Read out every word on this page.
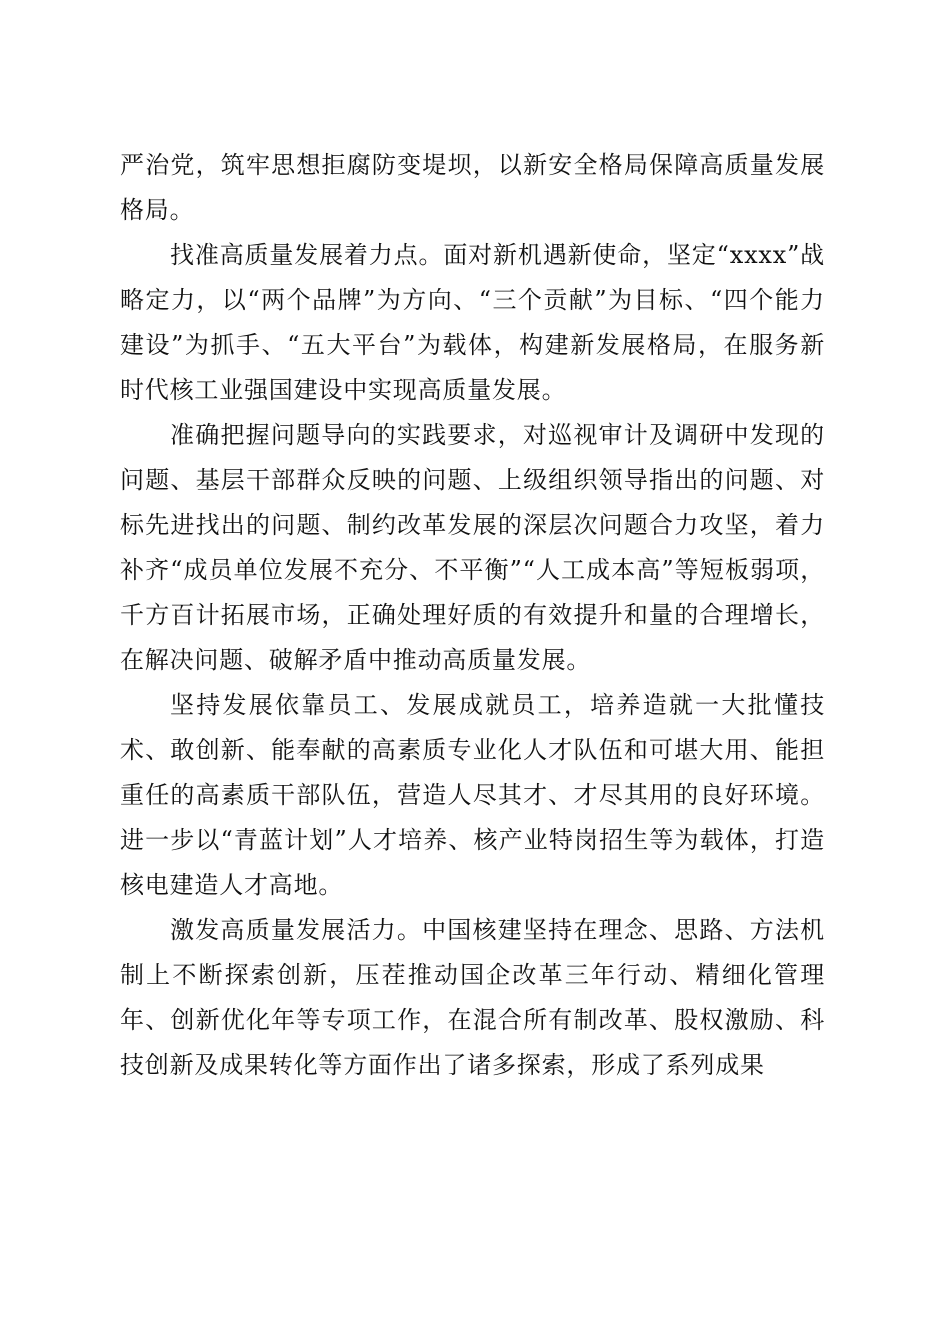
严治党，筑牢思想拒腐防变堤坝，以新安全格局保障高质量发展格局。

找准高质量发展着力点。面对新机遇新使命，坚定“xxxx”战略定力，以“两个品牌”为方向、“三个贡献”为目标、“四个能力建设”为抓手、“五大平台”为载体，构建新发展格局，在服务新时代核工业强国建设中实现高质量发展。

准确把握问题导向的实践要求，对巡视审计及调研中发现的问题、基层干部群众反映的问题、上级组织领导指出的问题、对标先进找出的问题、制约改革发展的深层次问题合力攻坚，着力补齐“成员单位发展不充分、不平衡”“人工成本高”等短板弱项，千方百计拓展市场，正确处理好质的有效提升和量的合理增长，在解决问题、破解矛盾中推动高质量发展。

坚持发展依靠员工、发展成就员工，培养造就一大批懂技术、敢创新、能奉献的高素质专业化人才队伍和可堪大用、能担重任的高素质干部队伍，营造人尽其才、才尽其用的良好环境。进一步以“青蓝计划”人才培养、核产业特岗招生等为载体，打造核电建造人才高地。

激发高质量发展活力。中国核建坚持在理念、思路、方法机制上不断探索创新，压茬推动国企改革三年行动、精细化管理年、创新优化年等专项工作，在混合所有制改革、股权激励、科技创新及成果转化等方面作出了诸多探索，形成了系列成果
